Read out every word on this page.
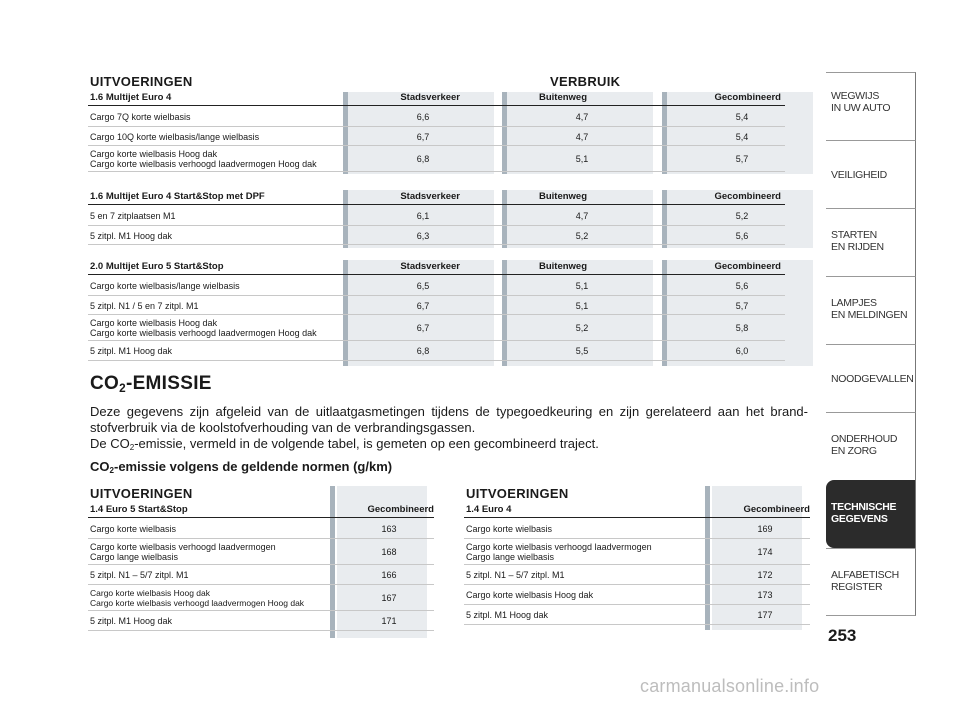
UITVOERINGEN	VERBRUIK
1.6 Multijet Euro 4	Stadsverkeer	Buitenweg	Gecombineerd
Cargo 7Q korte wielbasis	6,6	4,7	5,4
Cargo 10Q korte wielbasis/lange wielbasis	6,7	4,7	5,4
Cargo korte wielbasis Hoog dak
Cargo korte wielbasis verhoogd laadvermogen Hoog dak	6,8	5,1	5,7
1.6 Multijet Euro 4 Start&Stop met DPF	Stadsverkeer	Buitenweg	Gecombineerd
5 en 7 zitplaatsen M1	6,1	4,7	5,2
5 zitpl. M1 Hoog dak	6,3	5,2	5,6
2.0 Multijet Euro 5 Start&Stop	Stadsverkeer	Buitenweg	Gecombineerd
Cargo korte wielbasis/lange wielbasis	6,5	5,1	5,6
5 zitpl. N1 / 5 en 7 zitpl. M1	6,7	5,1	5,7
Cargo korte wielbasis Hoog dak
Cargo korte wielbasis verhoogd laadvermogen Hoog dak	6,7	5,2	5,8
5 zitpl. M1 Hoog dak	6,8	5,5	6,0
$CO_2$-EMISSIE
Deze gegevens zijn afgeleid van de uitlaatgasmetingen tijdens de typegoedkeuring en zijn gerelateerd aan het brand-stofverbruik via de koolstofverhouding van de verbrandingsgassen.
De $CO_2$-emissie, vermeld in de volgende tabel, is gemeten op een gecombineerd traject.
$CO_2$-emissie volgens de geldende normen (g/km)
UITVOERINGEN
1.4 Euro 5 Start&Stop	Gecombineerd
Cargo korte wielbasis	163
Cargo korte wielbasis verhoogd laadvermogen
Cargo lange wielbasis	168
5 zitpl. N1 – 5/7 zitpl. M1	166
Cargo korte wielbasis Hoog dak
Cargo korte wielbasis verhoogd laadvermogen Hoog dak	167
5 zitpl. M1 Hoog dak	171
UITVOERINGEN
1.4 Euro 4	Gecombineerd
Cargo korte wielbasis	169
Cargo korte wielbasis verhoogd laadvermogen
Cargo lange wielbasis	174
5 zitpl. N1 – 5/7 zitpl. M1	172
Cargo korte wielbasis Hoog dak	173
5 zitpl. M1 Hoog dak	177
WEGWIJS
IN UW AUTO
VEILIGHEID
STARTEN
EN RIJDEN
LAMPJES
EN MELDINGEN
NOODGEVALLEN
ONDERHOUD
EN ZORG
TECHNISCHE
GEGEVENS
ALFABETISCH
REGISTER
253
carmanualsonline.info
